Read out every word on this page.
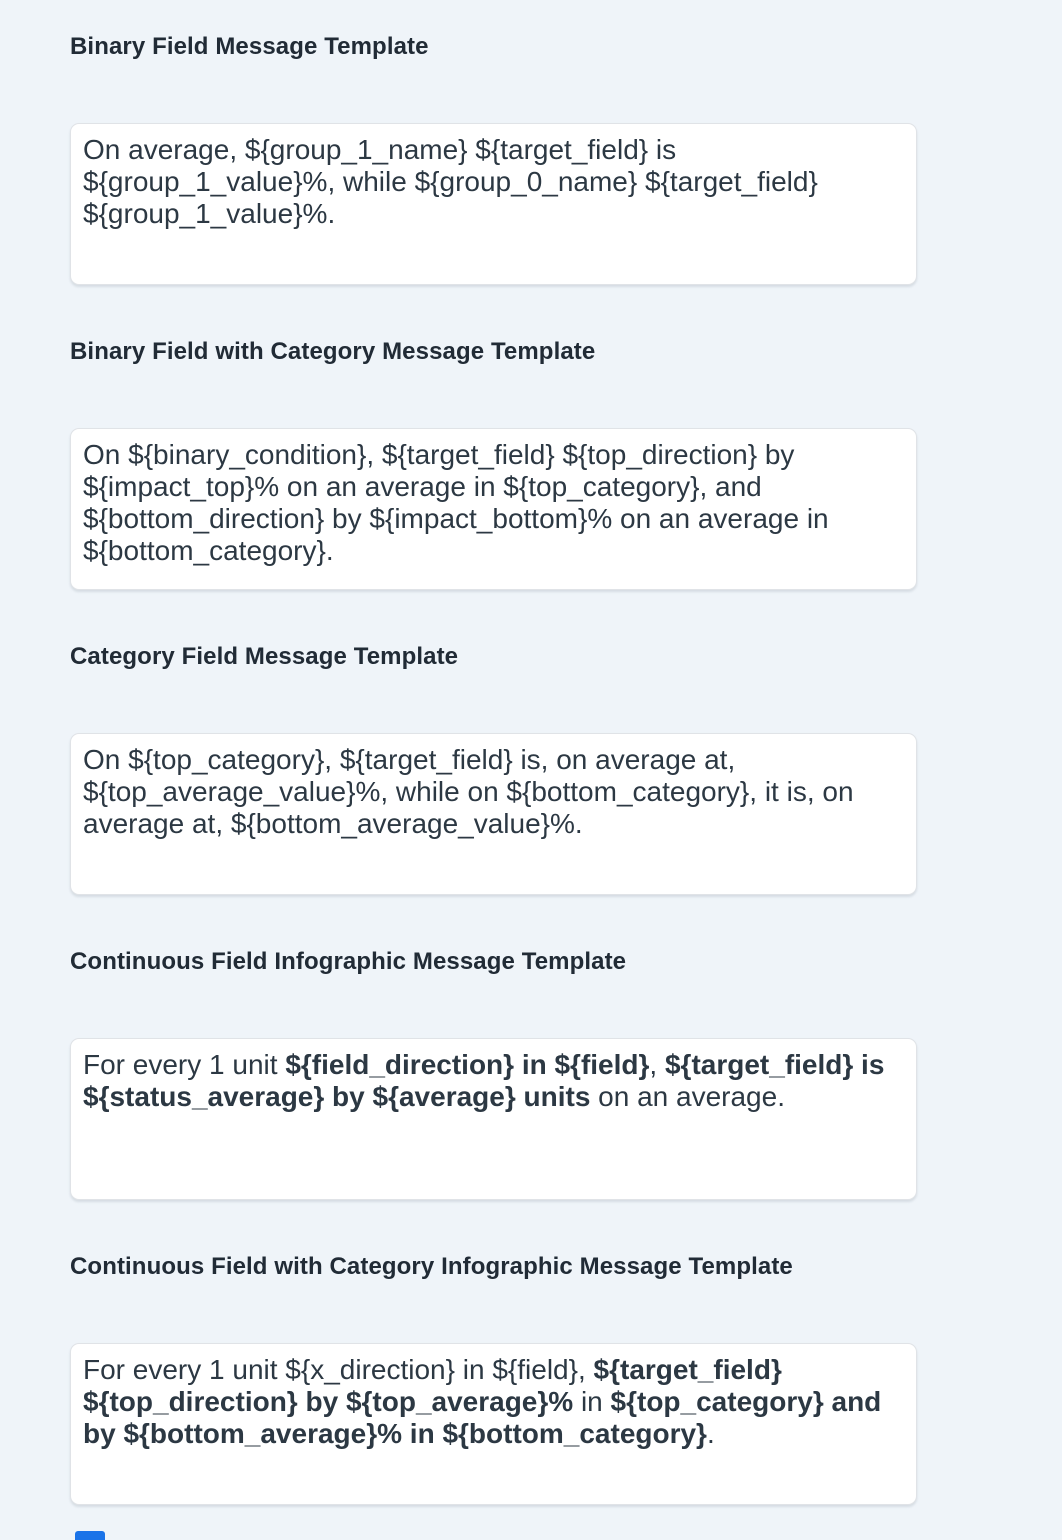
Binary Field Message Template
On average, ${group_1_name} ${target_field} is ${group_1_value}%, while ${group_0_name} ${target_field} ${group_1_value}%.
Binary Field with Category Message Template
On ${binary_condition}, ${target_field} ${top_direction} by ${impact_top}% on an average in ${top_category}, and ${bottom_direction} by ${impact_bottom}% on an average in ${bottom_category}.
Category Field Message Template
On ${top_category}, ${target_field} is, on average at, ${top_average_value}%, while on ${bottom_category}, it is, on average at, ${bottom_average_value}%.
Continuous Field Infographic Message Template
For every 1 unit ${field_direction} in ${field}, ${target_field} is ${status_average} by ${average} units on an average.
Continuous Field with Category Infographic Message Template
For every 1 unit ${x_direction} in ${field}, ${target_field} ${top_direction} by ${top_average}% in ${top_category} and by ${bottom_average}% in ${bottom_category}.
